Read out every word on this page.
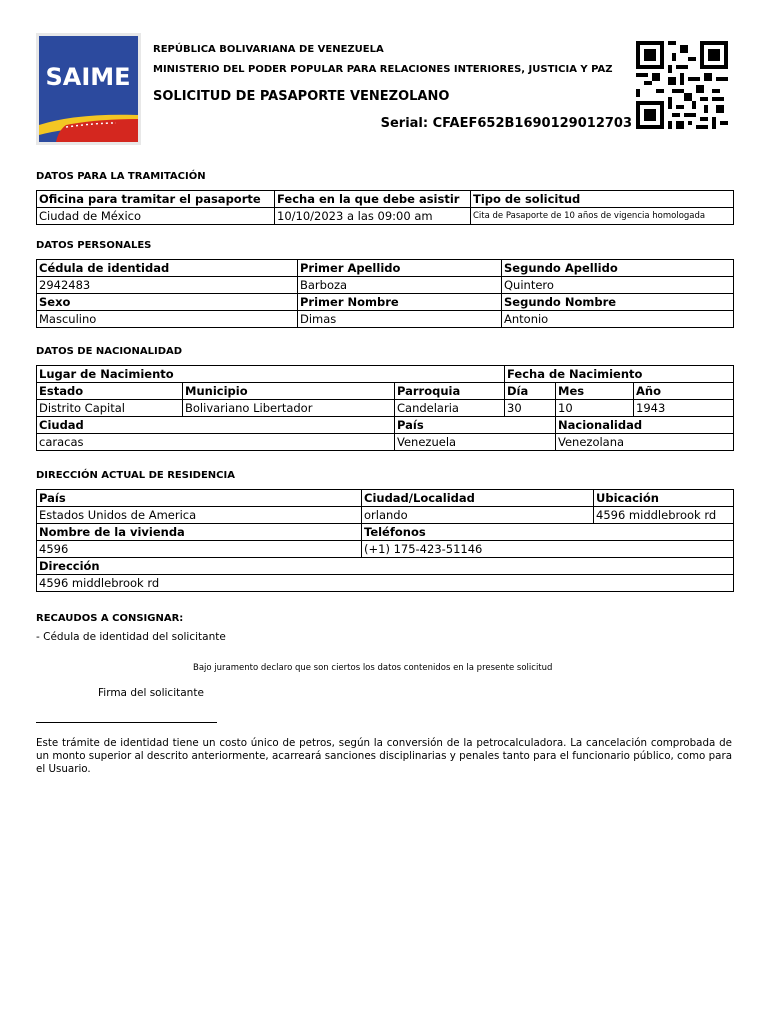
SAIME
REPÚBLICA BOLIVARIANA DE VENEZUELA
MINISTERIO DEL PODER POPULAR PARA RELACIONES INTERIORES, JUSTICIA Y PAZ
SOLICITUD DE PASAPORTE VENEZOLANO
Serial: CFAEF652B1690129012703
DATOS PARA LA TRAMITACIÓN
Oficina para tramitar el pasaporte	Fecha en la que debe asistir	Tipo de solicitud
Ciudad de México	10/10/2023 a las 09:00 am	Cita de Pasaporte de 10 años de vigencia homologada
DATOS PERSONALES
Cédula de identidad	Primer Apellido	Segundo Apellido
2942483	Barboza	Quintero
Sexo	Primer Nombre	Segundo Nombre
Masculino	Dimas	Antonio
DATOS DE NACIONALIDAD
Lugar de Nacimiento			Fecha de Nacimiento		
Estado	Municipio	Parroquia	Día	Mes	Año
Distrito Capital	Bolivariano Libertador	Candelaria	30	10	1943
Ciudad		País		Nacionalidad	
caracas		Venezuela		Venezolana	
DIRECCIÓN ACTUAL DE RESIDENCIA
País	Ciudad/Localidad	Ubicación
Estados Unidos de America	orlando	4596 middlebrook rd
Nombre de la vivienda	Teléfonos	
4596	(+1) 175-423-51146	
Dirección		
4596 middlebrook rd		
RECAUDOS A CONSIGNAR:
- Cédula de identidad del solicitante
Bajo juramento declaro que son ciertos los datos contenidos en la presente solicitud
Firma del solicitante
Este trámite de identidad tiene un costo único de petros, según la conversión de la petrocalculadora. La cancelación comprobada de un monto superior al descrito anteriormente, acarreará sanciones disciplinarias y penales tanto para el funcionario público, como para el Usuario.
